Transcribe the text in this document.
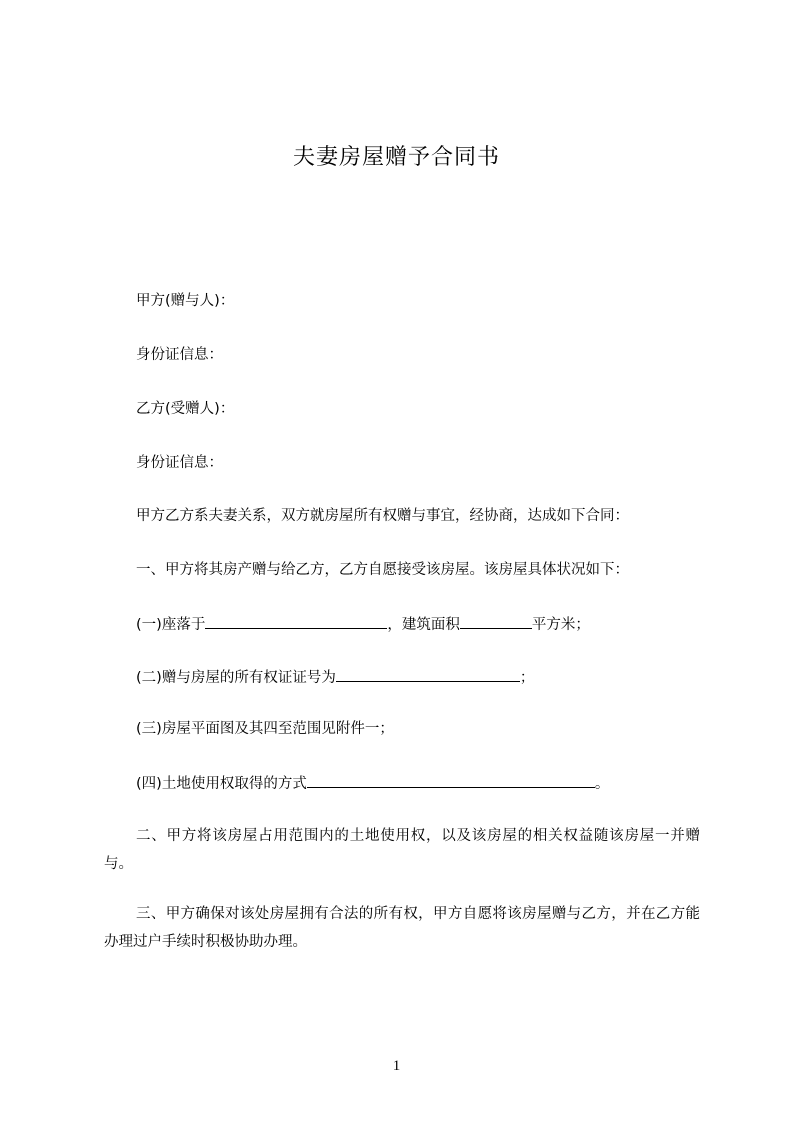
夫妻房屋赠予合同书
甲方(赠与人)：
身份证信息：
乙方(受赠人)：
身份证信息：
甲方乙方系夫妻关系，双方就房屋所有权赠与事宜，经协商，达成如下合同：
一、甲方将其房产赠与给乙方，乙方自愿接受该房屋。该房屋具体状况如下：
(一)座落于	，建筑面积	平方米；
(二)赠与房屋的所有权证证号为	；
(三)房屋平面图及其四至范围见附件一；
(四)土地使用权取得的方式	。
二、甲方将该房屋占用范围内的土地使用权，以及该房屋的相关权益随该房屋一并赠与。
三、甲方确保对该处房屋拥有合法的所有权，甲方自愿将该房屋赠与乙方，并在乙方能办理过户手续时积极协助办理。
1
